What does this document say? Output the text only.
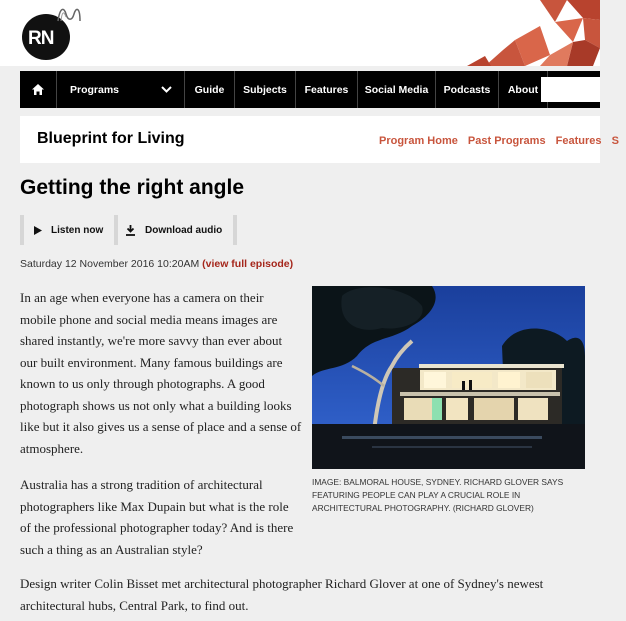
RN
Programs	Guide Subjects Features Social Media Podcasts About
Blueprint for Living	Program Home Past Programs Features S
Getting the right angle
Listen now	Download audio
Saturday 12 November 2016 10:20AM (view full episode)

In an age when everyone has a camera on their mobile phone and social media means images are shared instantly, we're more savvy than ever about our built environment. Many famous buildings are known to us only through photographs. A good photograph shows us not only what a building looks like but it also gives us a sense of place and a sense of atmosphere.

Australia has a strong tradition of architectural photographers like Max Dupain but what is the role of the professional photographer today? And is there such a thing as an Australian style?

Design writer Colin Bisset met architectural photographer Richard Glover at one of Sydney's newest architectural hubs, Central Park, to find out.

IMAGE: BALMORAL HOUSE, SYDNEY. RICHARD GLOVER SAYS FEATURING PEOPLE CAN PLAY A CRUCIAL ROLE IN ARCHITECTURAL PHOTOGRAPHY. (RICHARD GLOVER)
